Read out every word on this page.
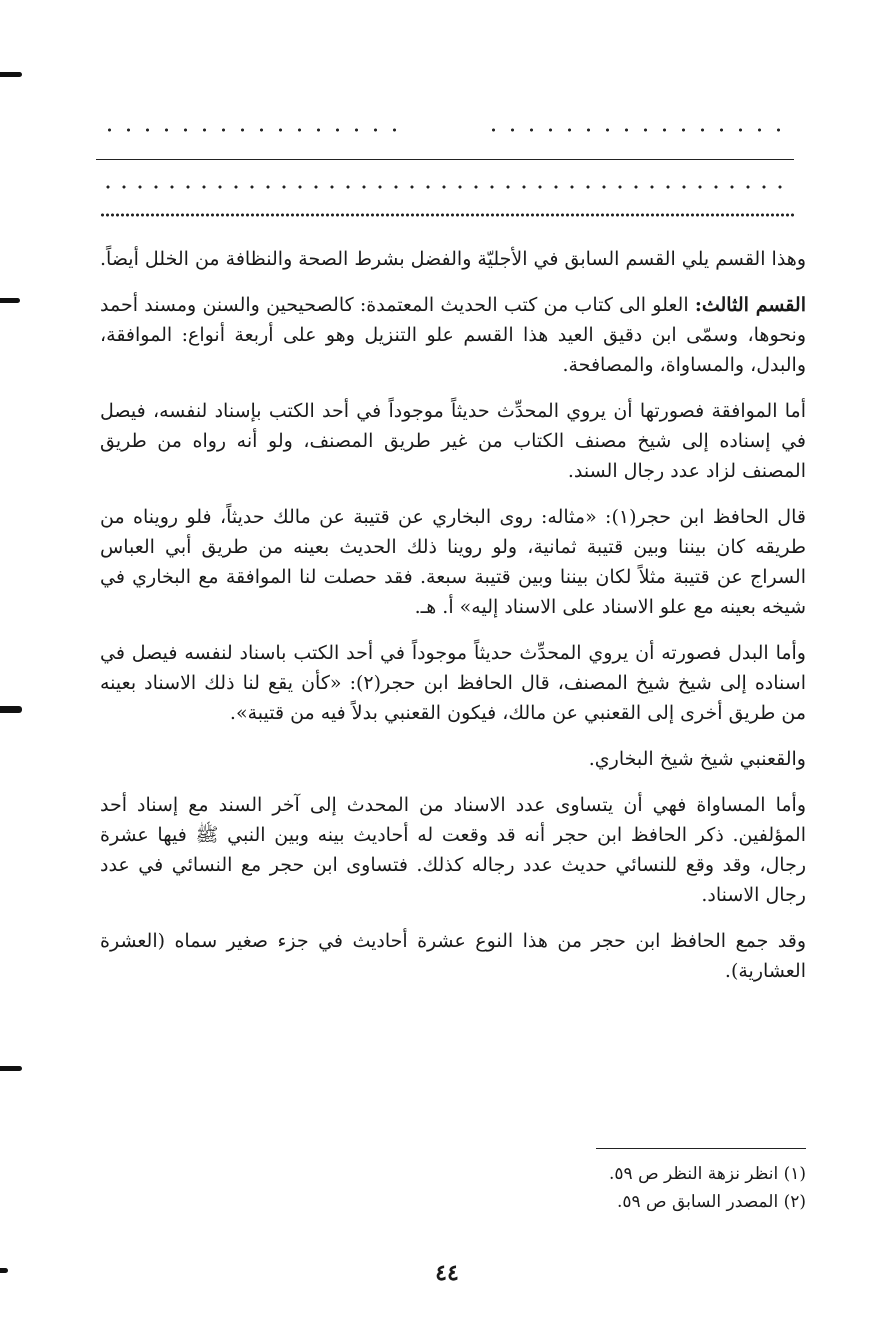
وهذا القسم يلي القسم السابق في الأجليّة والفضل بشرط الصحة والنظافة من الخلل أيضاً.

القسم الثالث: العلو الى كتاب من كتب الحديث المعتمدة: كالصحيحين والسنن ومسند أحمد ونحوها، وسمّى ابن دقيق العيد هذا القسم علو التنزيل وهو على أربعة أنواع: الموافقة، والبدل، والمساواة، والمصافحة.

أما الموافقة فصورتها أن يروي المحدِّث حديثاً موجوداً في أحد الكتب بإسناد لنفسه، فيصل في إسناده إلى شيخ مصنف الكتاب من غير طريق المصنف، ولو أنه رواه من طريق المصنف لزاد عدد رجال السند.

قال الحافظ ابن حجر(١): «مثاله: روى البخاري عن قتيبة عن مالك حديثاً، فلو رويناه من طريقه كان بيننا وبين قتيبة ثمانية، ولو روينا ذلك الحديث بعينه من طريق أبي العباس السراج عن قتيبة مثلاً لكان بيننا وبين قتيبة سبعة. فقد حصلت لنا الموافقة مع البخاري في شيخه بعينه مع علو الاسناد على الاسناد إليه» أ. هـ.

وأما البدل فصورته أن يروي المحدِّث حديثاً موجوداً في أحد الكتب باسناد لنفسه فيصل في اسناده إلى شيخ شيخ المصنف، قال الحافظ ابن حجر(٢): «كأن يقع لنا ذلك الاسناد بعينه من طريق أخرى إلى القعنبي عن مالك، فيكون القعنبي بدلاً فيه من قتيبة».

والقعنبي شيخ شيخ البخاري.

وأما المساواة فهي أن يتساوى عدد الاسناد من المحدث إلى آخر السند مع إسناد أحد المؤلفين. ذكر الحافظ ابن حجر أنه قد وقعت له أحاديث بينه وبين النبي ﷺ فيها عشرة رجال، وقد وقع للنسائي حديث عدد رجاله كذلك. فتساوى ابن حجر مع النسائي في عدد رجال الاسناد.

وقد جمع الحافظ ابن حجر من هذا النوع عشرة أحاديث في جزء صغير سماه (العشرة العشارية).

(١) انظر نزهة النظر ص ٥٩.
(٢) المصدر السابق ص ٥٩.
٤٤
